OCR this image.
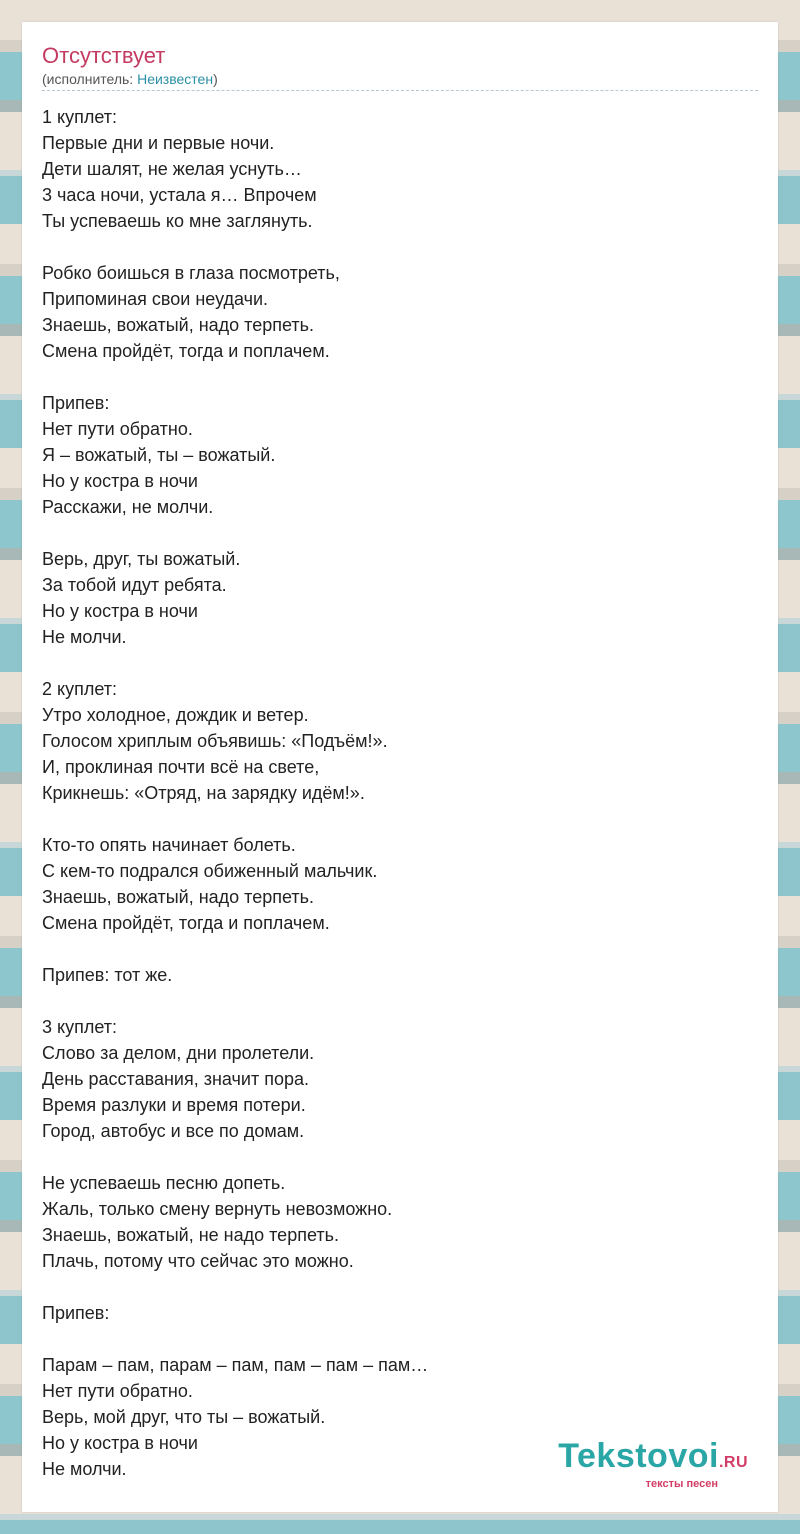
Отсутствует
(исполнитель: Неизвестен)
1 куплет:
Первые дни и первые ночи.
Дети шалят, не желая уснуть…
3 часа ночи, устала я… Впрочем
Ты успеваешь ко мне заглянуть.
Робко боишься в глаза посмотреть,
Припоминая свои неудачи.
Знаешь, вожатый, надо терпеть.
Смена пройдёт, тогда и поплачем.
Припев:
Нет пути обратно.
Я – вожатый, ты – вожатый.
Но у костра в ночи
Расскажи, не молчи.
Верь, друг, ты вожатый.
За тобой идут ребята.
Но у костра в ночи
Не молчи.
2 куплет:
Утро холодное, дождик и ветер.
Голосом хриплым объявишь: «Подъём!».
И, проклиная почти всё на свете,
Крикнешь: «Отряд, на зарядку идём!».
Кто-то опять начинает болеть.
С кем-то подрался обиженный мальчик.
Знаешь, вожатый, надо терпеть.
Смена пройдёт, тогда и поплачем.
Припев: тот же.
3 куплет:
Слово за делом, дни пролетели.
День расставания, значит пора.
Время разлуки и время потери.
Город, автобус и все по домам.
Не успеваешь песню допеть.
Жаль, только смену вернуть невозможно.
Знаешь, вожатый, не надо терпеть.
Плачь, потому что сейчас это можно.
Припев:
Парам – пам, парам – пам, пам – пам – пам…
Нет пути обратно.
Верь, мой друг, что ты – вожатый.
Но у костра в ночи
Не молчи.	Tekstovoi.RU
тексты песен
